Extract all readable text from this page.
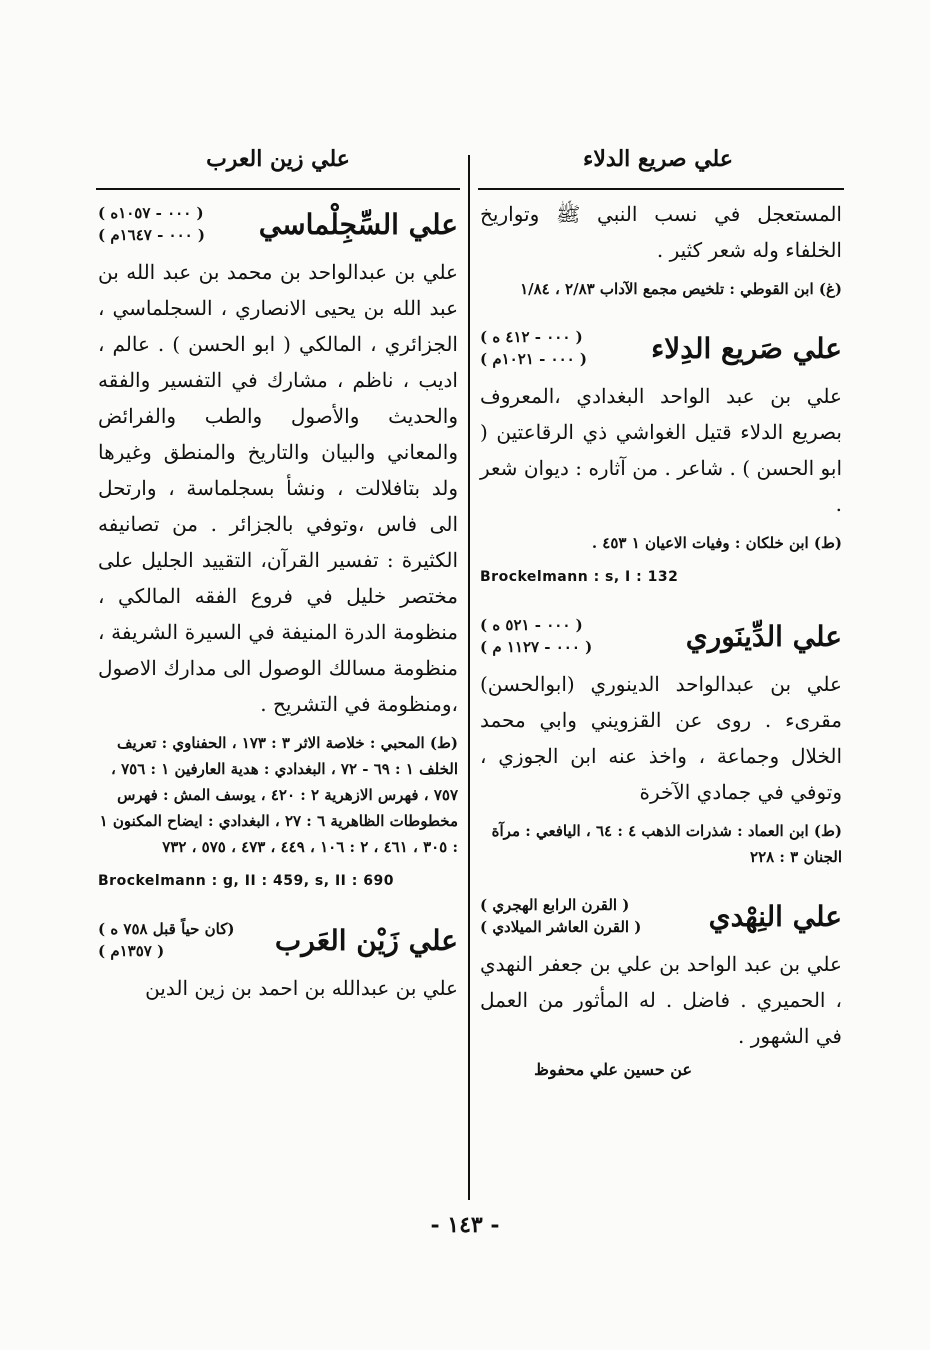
علي صريع الدلاء
علي زين العرب

المستعجل في نسب النبي ﷺ وتواريخ الخلفاء وله شعر كثير .

(غ) ابن القوطي : تلخيص مجمع الآداب ٢/٨٣ ، ١/٨٤
علي صَريع الدِلاء
( ٠٠٠ - ٤١٢ ه )
( ٠٠٠ - ١٠٢١م )

علي بن عبد الواحد البغدادي ،المعروف بصريع الدلاء قتيل الغواشي ذي الرقاعتين ( ابو الحسن ) . شاعر . من آثاره : ديوان شعر .

(ط) ابن خلكان : وفيات الاعيان ١ ٤٥٣ .
Brockelmann : s, I : 132
علي الدِّينَوري
( ٠٠٠ - ٥٢١ ه )
( ٠٠٠ - ١١٢٧ م )

علي بن عبدالواحد الدينوري (ابوالحسن) مقرىء . روى عن القزويني وابي محمد الخلال وجماعة ، واخذ عنه ابن الجوزي ، وتوفي في جمادي الآخرة

(ط) ابن العماد : شذرات الذهب ٤ : ٦٤ ، اليافعي : مرآة الجنان ٣ : ٢٢٨
علي النِهْدي
( القرن الرابع الهجري )
( القرن العاشر الميلادي )

علي بن عبد الواحد بن علي بن جعفر النهدي ، الحميري . فاضل . له المأثور من العمل في الشهور .

عن حسين علي محفوظ
علي السِّجِلْماسي
( ٠٠٠ - ١٠٥٧ه )
( ٠٠٠ - ١٦٤٧م )

علي بن عبدالواحد بن محمد بن عبد الله بن عبد الله بن يحيى الانصاري ، السجلماسي ، الجزائري ، المالكي ( ابو الحسن ) . عالم ، اديب ، ناظم ، مشارك في التفسير والفقه والحديث والأصول والطب والفرائض والمعاني والبيان والتاريخ والمنطق وغيرها ولد بتافلالت ، ونشأ بسجلماسة ، وارتحل الى فاس ،وتوفي بالجزائر . من تصانيفه الكثيرة : تفسير القرآن، التقييد الجليل على مختصر خليل في فروع الفقه المالكي ، منظومة الدرة المنيفة في السيرة الشريفة ، منظومة مسالك الوصول الى مدارك الاصول ،ومنظومة في التشريح .

(ط) المحبي : خلاصة الاثر ٣ : ١٧٣ ، الحفناوي : تعريف الخلف ١ : ٦٩ - ٧٢ ، البغدادي : هدية العارفين ١ : ٧٥٦ ، ٧٥٧ ، فهرس الازهرية ٢ : ٤٢٠ ، يوسف المش : فهرس مخطوطات الظاهرية ٦ : ٢٧ ، البغدادي : ايضاح المكنون ١ : ٣٠٥ ، ٤٦١ ، ٢ : ١٠٦ ، ٤٤٩ ، ٤٧٣ ، ٥٧٥ ، ٧٣٢
Brockelmann : g, II : 459, s, II : 690
علي زَيْن العَرب
(كان حياً قبل ٧٥٨ ه )
( ١٣٥٧م )

علي بن عبدالله بن احمد بن زين الدين

- ١٤٣ -
